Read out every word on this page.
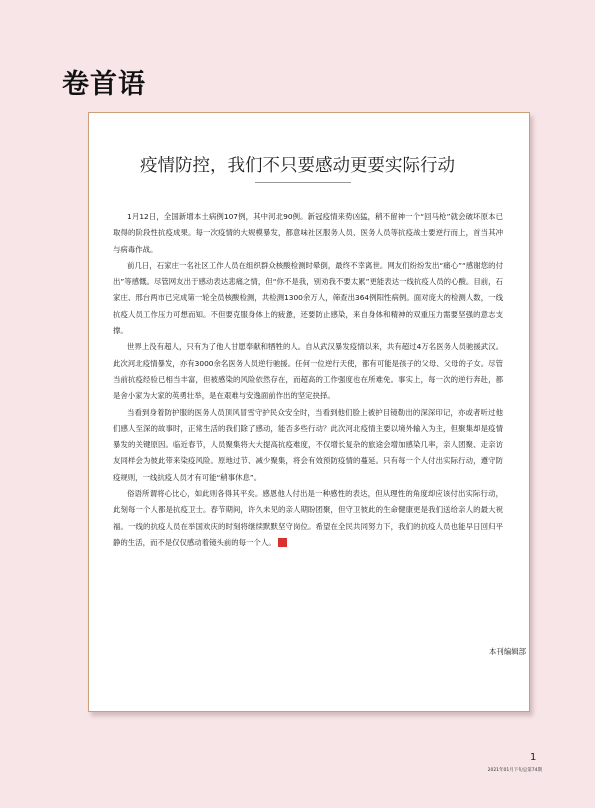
卷首语
疫情防控，我们不只要感动更要实际行动

1月12日，全国新增本土病例107例，其中河北90例。新冠疫情来势凶猛，稍不留神一个“回马枪”就会破坏原本已取得的阶段性抗疫成果。每一次疫情的大规模暴发，都意味社区服务人员、医务人员等抗疫战士要逆行而上，首当其冲与病毒作战。

前几日，石家庄一名社区工作人员在组织群众核酸检测时晕倒，最终不幸离世。网友们纷纷发出“痛心”“感谢您的付出”等感慨。尽管网友出于感动表达悲痛之情，但“你不是我，别劝我不要太累”更能表达一线抗疫人员的心酸。目前，石家庄、邢台两市已完成第一轮全员核酸检测，共检测1300余万人，筛查出364例阳性病例。面对庞大的检测人数，一线抗疫人员工作压力可想而知。不但要克服身体上的疲惫，还要防止感染，来自身体和精神的双重压力需要坚强的意志支撑。

世界上没有超人，只有为了他人甘愿奉献和牺牲的人。自从武汉暴发疫情以来，共有超过4万名医务人员驰援武汉。此次河北疫情暴发，亦有3000余名医务人员逆行驰援。任何一位逆行天使，都有可能是孩子的父母、父母的子女。尽管当前抗疫经验已相当丰富，但被感染的风险依然存在，而超高的工作强度也在所难免。事实上，每一次的逆行奔赴，都是舍小家为大家的英勇壮举，是在艰难与安逸面前作出的坚定抉择。

当看到身着防护服的医务人员顶风冒雪守护民众安全时，当看到他们脸上被护目镜勒出的深深印记，亦或者听过他们感人至深的故事时，正常生活的我们除了感动，能否多些行动？此次河北疫情主要以境外输入为主，但聚集却是疫情暴发的关键原因。临近春节，人员聚集将大大提高抗疫难度，不仅增长复杂的旅途会增加感染几率，亲人团聚、走亲访友同样会为彼此带来染疫风险。原地过节、减少聚集，将会有效预防疫情的蔓延。只有每一个人付出实际行动，遵守防疫规则，一线抗疫人员才有可能“稍事休息”。

俗语所谓将心比心，如此则各得其平矣。感恩他人付出是一种感性的表达，但从理性的角度却应该付出实际行动，此刻每一个人都是抗疫卫士。春节期间，许久未见的亲人期盼团聚，但守卫彼此的生命健康更是我们送给亲人的最大祝福。一线的抗疫人员在举国欢庆的时刻将继续默默坚守岗位。希望在全民共同努力下，我们的抗疫人员也能早日回归平静的生活，而不是仅仅感动着镜头前的每一个人。 N

本刊编辑部
1
2021年01月下旬总第74期
